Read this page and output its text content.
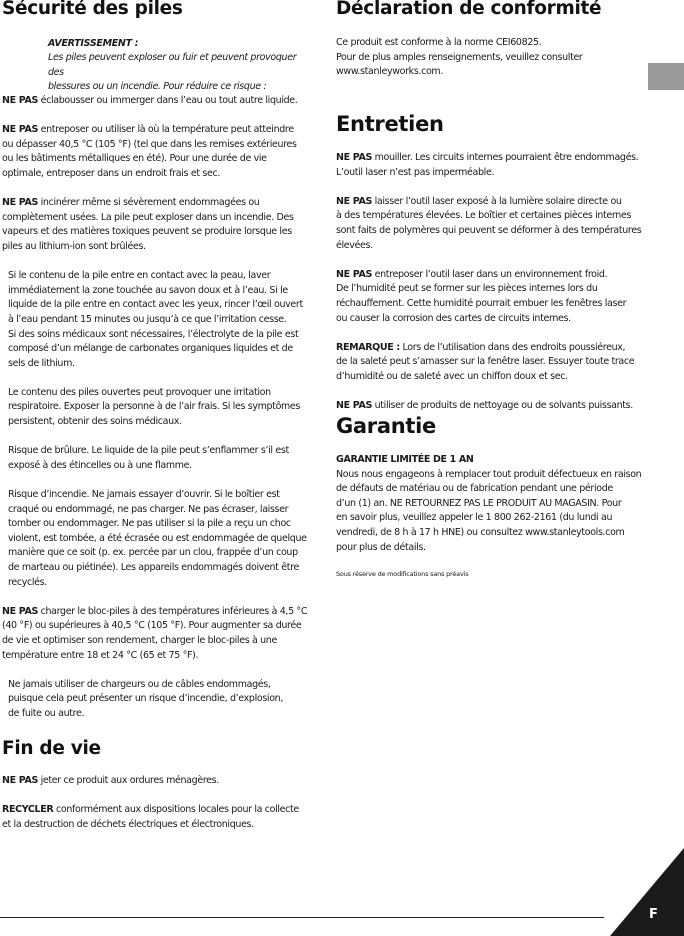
F
Sécurité des piles
AVERTISSEMENT :
Les piles peuvent exploser ou fuir et peuvent provoquer des
blessures ou un incendie. Pour réduire ce risque :

NE PAS éclabousser ou immerger dans l’eau ou tout autre liquide.

NE PAS entreposer ou utiliser là où la température peut atteindre
ou dépasser 40,5 °C (105 °F) (tel que dans les remises extérieures
ou les bâtiments métalliques en été). Pour une durée de vie
optimale, entreposer dans un endroit frais et sec.

NE PAS incinérer même si sévèrement endommagées ou
complètement usées. La pile peut exploser dans un incendie. Des
vapeurs et des matières toxiques peuvent se produire lorsque les
piles au lithium-ion sont brûlées.

Si le contenu de la pile entre en contact avec la peau, laver
immédiatement la zone touchée au savon doux et à l’eau. Si le
liquide de la pile entre en contact avec les yeux, rincer l’œil ouvert
à l’eau pendant 15 minutes ou jusqu’à ce que l’irritation cesse.
Si des soins médicaux sont nécessaires, l’électrolyte de la pile est
composé d’un mélange de carbonates organiques liquides et de
sels de lithium.

Le contenu des piles ouvertes peut provoquer une irritation
respiratoire. Exposer la personne à de l’air frais. Si les symptômes
persistent, obtenir des soins médicaux.

Risque de brûlure. Le liquide de la pile peut s’enflammer s’il est
exposé à des étincelles ou à une flamme.

Risque d’incendie. Ne jamais essayer d’ouvrir. Si le boîtier est
craqué ou endommagé, ne pas charger. Ne pas écraser, laisser
tomber ou endommager. Ne pas utiliser si la pile a reçu un choc
violent, est tombée, a été écrasée ou est endommagée de quelque
manière que ce soit (p. ex. percée par un clou, frappée d’un coup
de marteau ou piétinée). Les appareils endommagés doivent être
recyclés.

NE PAS charger le bloc-piles à des températures inférieures à 4,5 °C
(40 °F) ou supérieures à 40,5 °C (105 °F). Pour augmenter sa durée
de vie et optimiser son rendement, charger le bloc-piles à une
température entre 18 et 24 °C (65 et 75 °F).

Ne jamais utiliser de chargeurs ou de câbles endommagés,
puisque cela peut présenter un risque d’incendie, d’explosion,
de fuite ou autre.

Fin de vie

NE PAS jeter ce produit aux ordures ménagères.

RECYCLER conformément aux dispositions locales pour la collecte
et la destruction de déchets électriques et électroniques.

Déclaration de conformité

Ce produit est conforme à la norme CEI60825.
Pour de plus amples renseignements, veuillez consulter
www.stanleyworks.com.

Entretien

NE PAS mouiller. Les circuits internes pourraient être endommagés.
L’outil laser n’est pas imperméable.

NE PAS laisser l’outil laser exposé à la lumière solaire directe ou
à des températures élevées. Le boîtier et certaines pièces internes
sont faits de polymères qui peuvent se déformer à des températures
élevées.

NE PAS entreposer l’outil laser dans un environnement froid.
De l’humidité peut se former sur les pièces internes lors du
réchauffement. Cette humidité pourrait embuer les fenêtres laser
ou causer la corrosion des cartes de circuits internes.

REMARQUE : Lors de l’utilisation dans des endroits poussiéreux,
de la saleté peut s’amasser sur la fenêtre laser. Essuyer toute trace
d’humidité ou de saleté avec un chiffon doux et sec.

NE PAS utiliser de produits de nettoyage ou de solvants puissants.

Garantie

GARANTIE LIMITÉE DE 1 AN
Nous nous engageons à remplacer tout produit défectueux en raison
de défauts de matériau ou de fabrication pendant une période
d’un (1) an. NE RETOURNEZ PAS LE PRODUIT AU MAGASIN. Pour
en savoir plus, veuillez appeler le 1 800 262-2161 (du lundi au
vendredi, de 8 h à 17 h HNE) ou consultez www.stanleytools.com
pour plus de détails.

Sous réserve de modifications sans préavis
